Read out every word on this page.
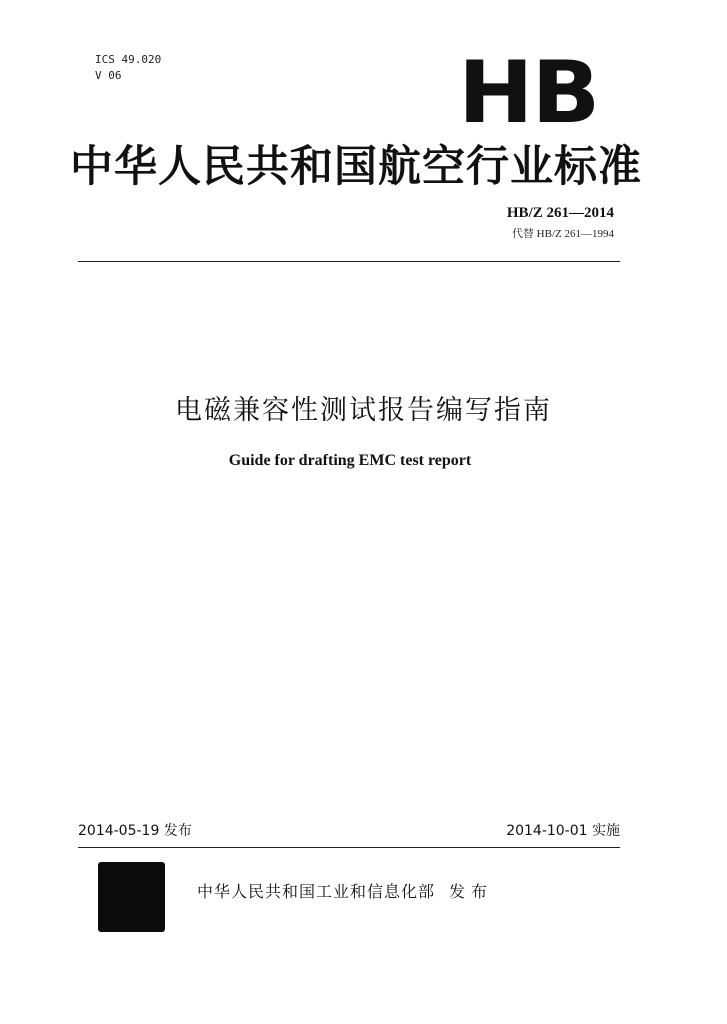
ICS 49.020
V 06	HB
中华人民共和国航空行业标准
HB/Z 261—2014
代替 HB/Z 261—1994
电磁兼容性测试报告编写指南
Guide for drafting EMC test report
2014-05-19 发布	2014-10-01 实施
中华人民共和国工业和信息化部 发布
